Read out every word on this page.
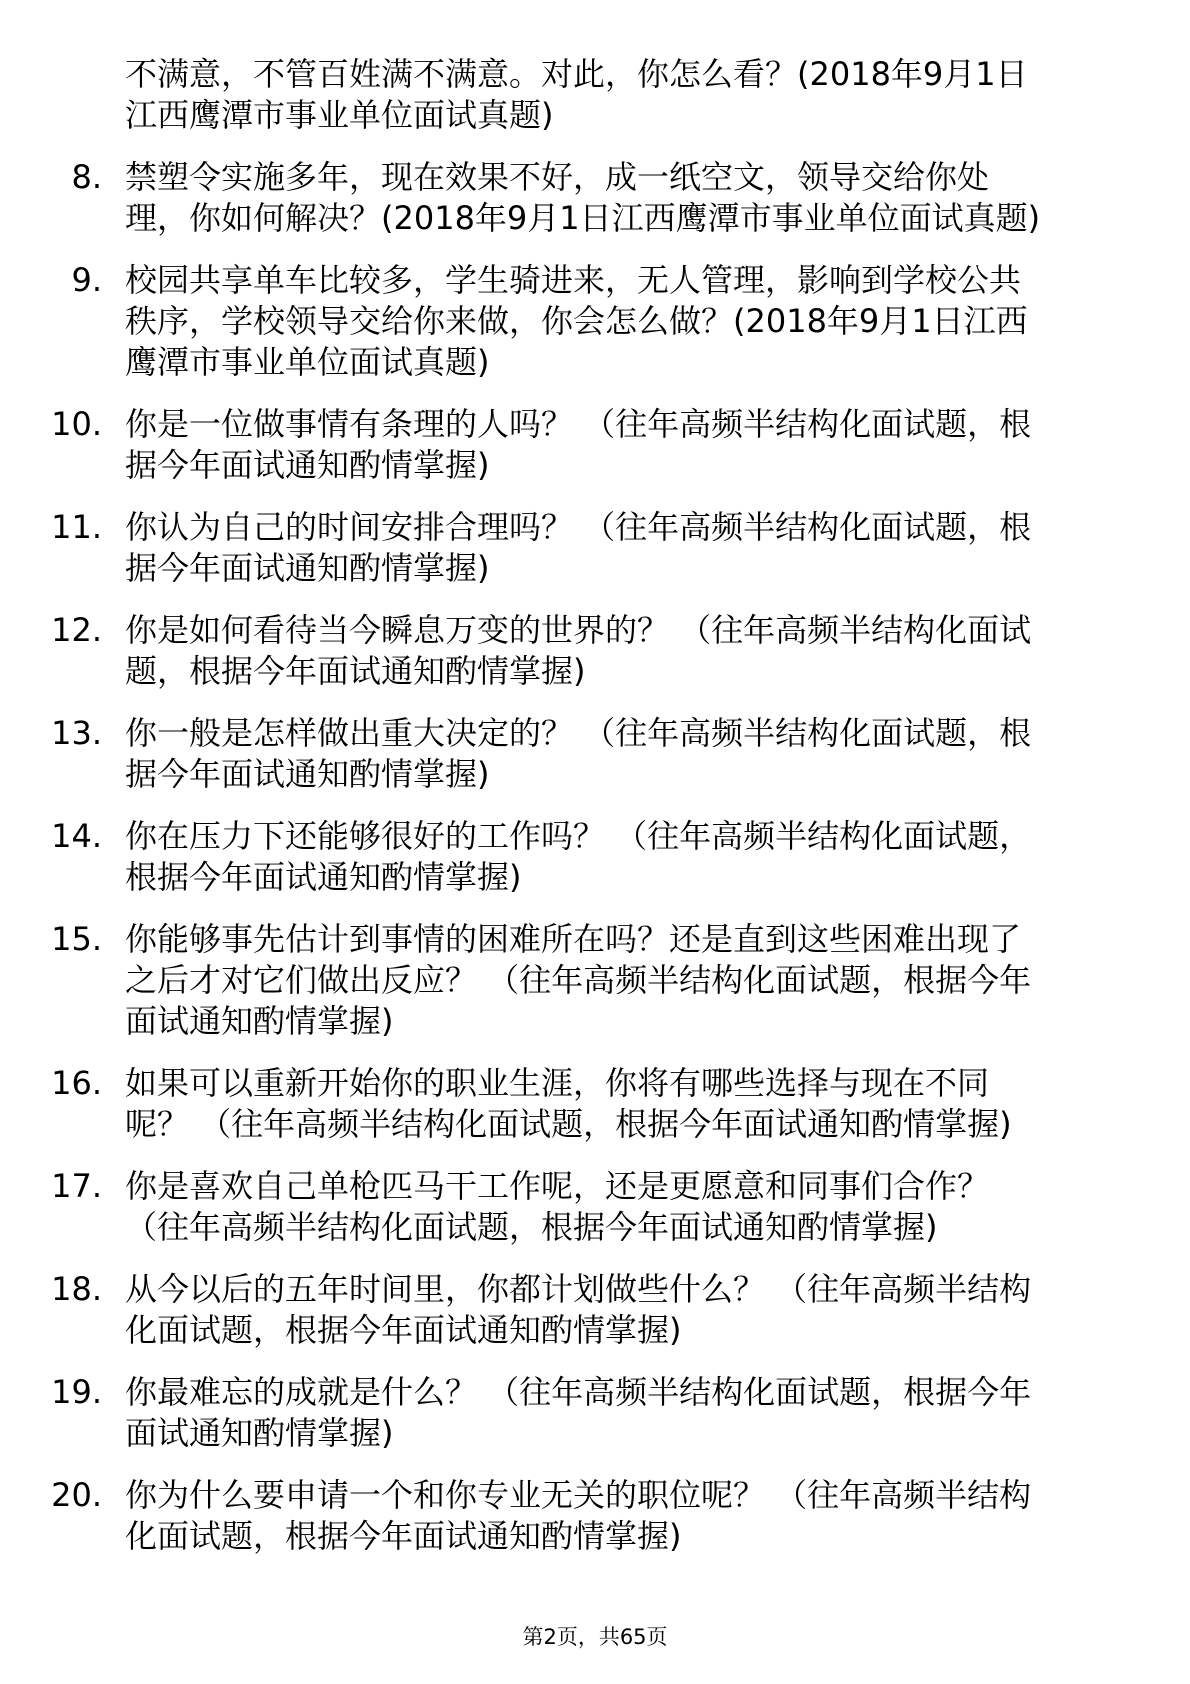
不满意，不管百姓满不满意。对此，你怎么看？(2018年9月1日
江西鹰潭市事业单位面试真题)
8. 禁塑令实施多年，现在效果不好，成一纸空文，领导交给你处
理，你如何解决？(2018年9月1日江西鹰潭市事业单位面试真题)
9. 校园共享单车比较多，学生骑进来，无人管理，影响到学校公共
秩序，学校领导交给你来做，你会怎么做？(2018年9月1日江西
鹰潭市事业单位面试真题)
10. 你是一位做事情有条理的人吗？ （往年高频半结构化面试题，根
据今年面试通知酌情掌握)
11. 你认为自己的时间安排合理吗？ （往年高频半结构化面试题，根
据今年面试通知酌情掌握)
12. 你是如何看待当今瞬息万变的世界的？ （往年高频半结构化面试
题，根据今年面试通知酌情掌握)
13. 你一般是怎样做出重大决定的？ （往年高频半结构化面试题，根
据今年面试通知酌情掌握)
14. 你在压力下还能够很好的工作吗？ （往年高频半结构化面试题，
根据今年面试通知酌情掌握)
15. 你能够事先估计到事情的困难所在吗？还是直到这些困难出现了
之后才对它们做出反应？ （往年高频半结构化面试题，根据今年
面试通知酌情掌握)
16. 如果可以重新开始你的职业生涯，你将有哪些选择与现在不同
呢？ （往年高频半结构化面试题，根据今年面试通知酌情掌握)
17. 你是喜欢自己单枪匹马干工作呢，还是更愿意和同事们合作？
（往年高频半结构化面试题，根据今年面试通知酌情掌握)
18. 从今以后的五年时间里，你都计划做些什么？ （往年高频半结构
化面试题，根据今年面试通知酌情掌握)
19. 你最难忘的成就是什么？ （往年高频半结构化面试题，根据今年
面试通知酌情掌握)
20. 你为什么要申请一个和你专业无关的职位呢？ （往年高频半结构
化面试题，根据今年面试通知酌情掌握)
第2页，共65页
